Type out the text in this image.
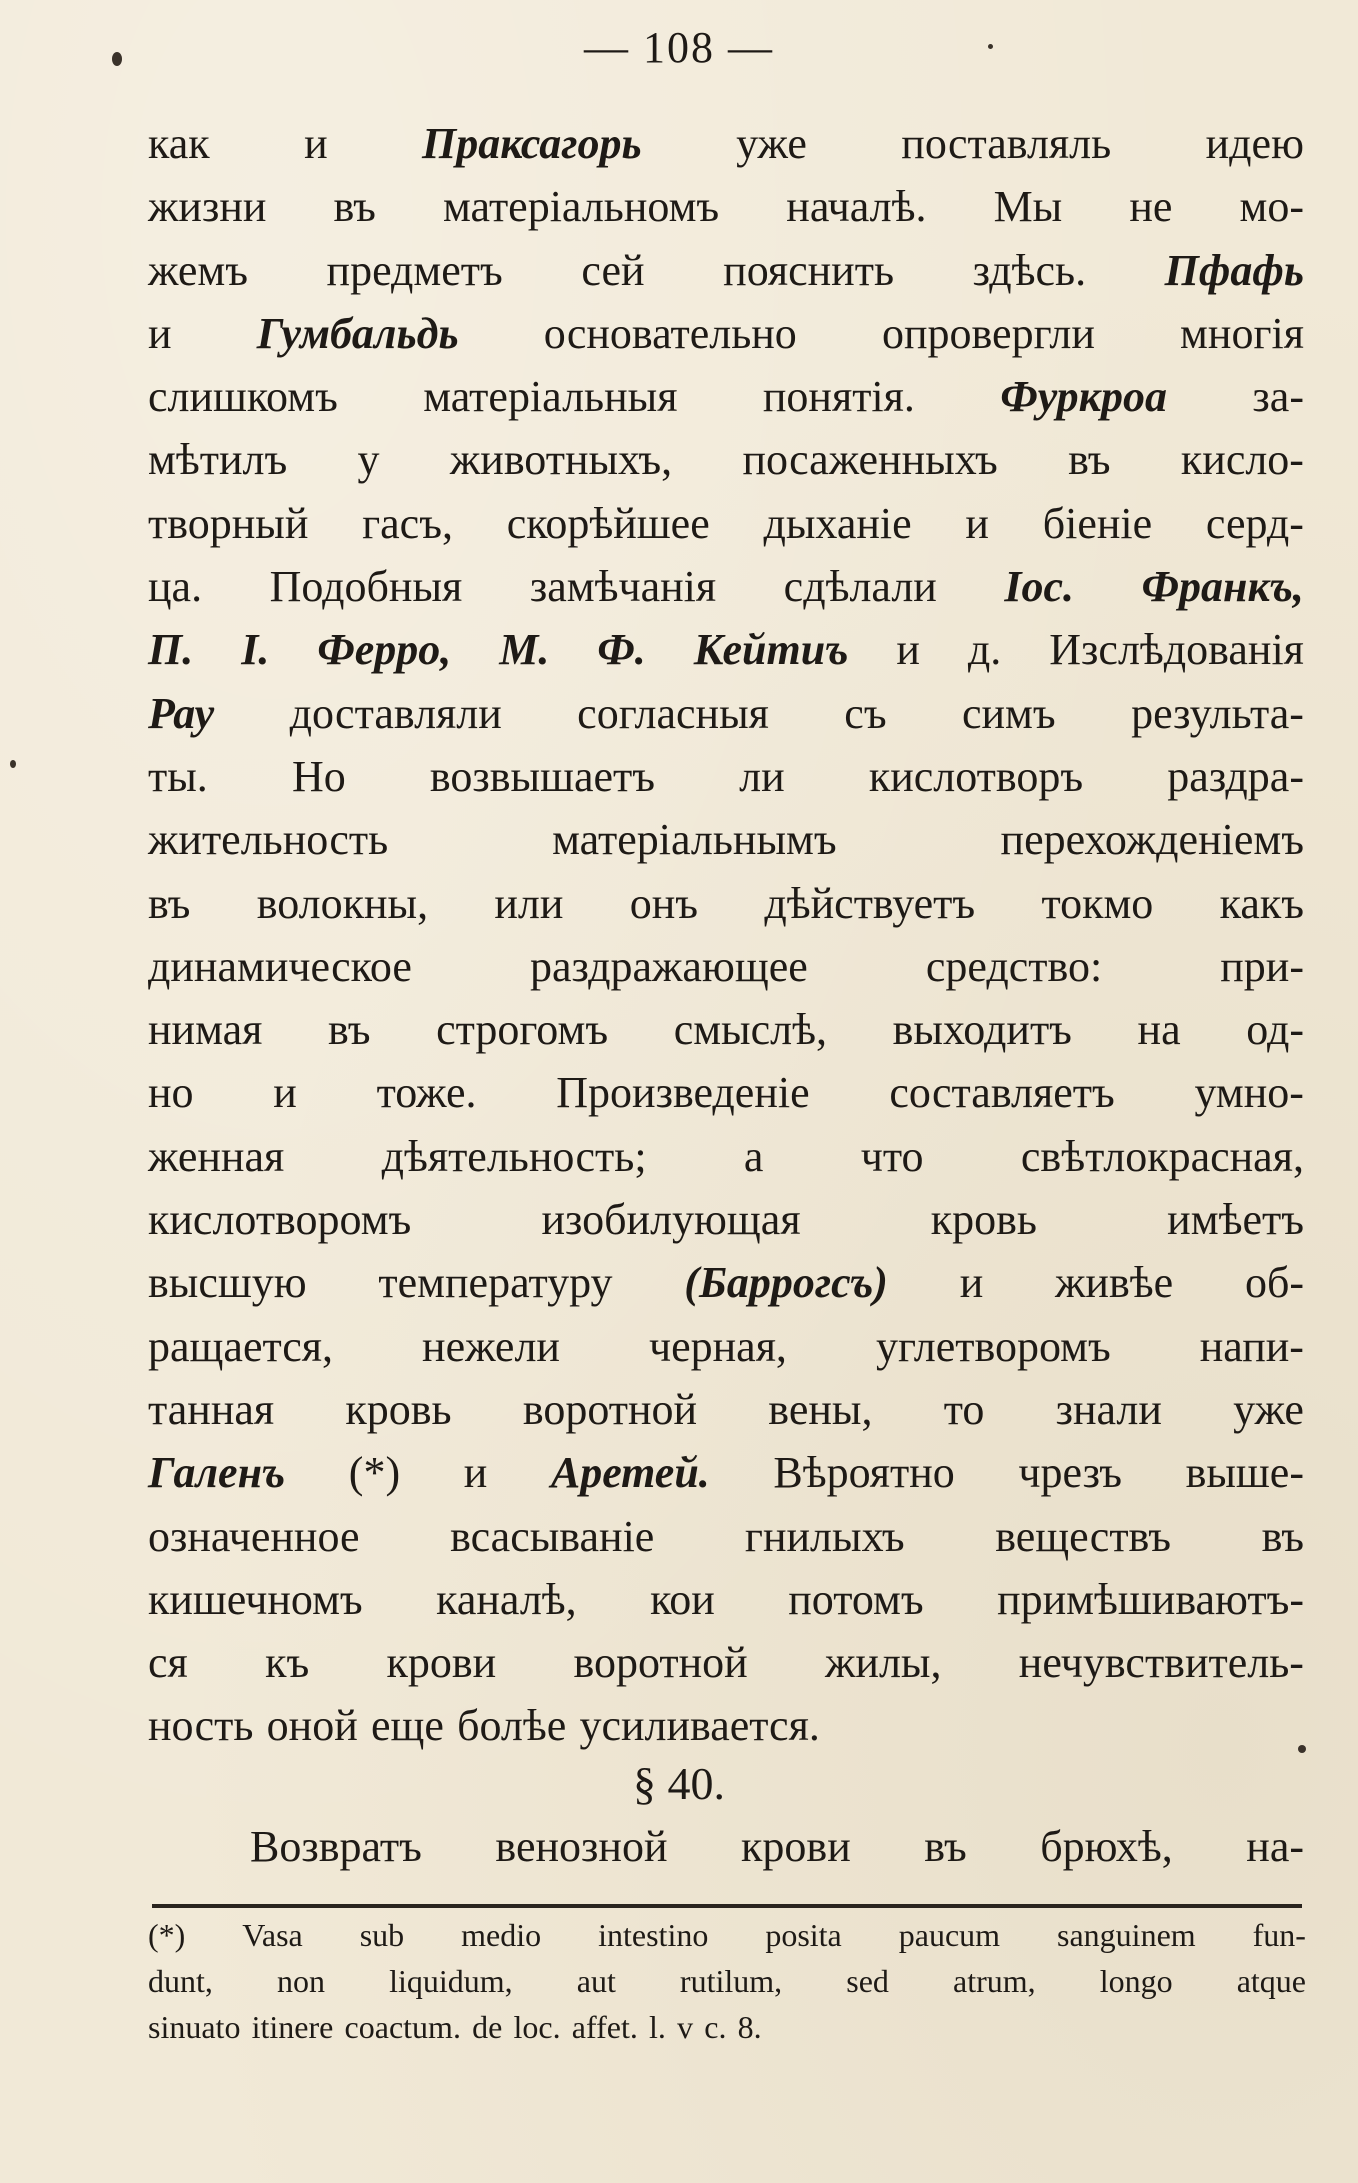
— 108 —
как и Праксагорь уже поставляль идею
жизни въ матеріальномъ началѣ. Мы не мо-
жемъ предметъ сей пояснить здѣсь. Пфафь
и Гумбальдь основательно опровергли многія
слишкомъ матеріальныя понятія. Фуркроа за-
мѣтилъ у животныхъ, посаженныхъ въ кисло-
творный гасъ, скорѣйшее дыханіе и біеніе серд-
ца. Подобныя замѣчанія сдѣлали Іос. Франкъ,
П. І. Ферро, М. Ф. Кейтиъ и д. Изслѣдованія
Рау доставляли согласныя съ симъ результа-
ты. Но возвышаетъ ли кислотворъ раздра-
жительность	матеріальнымъ	перехожденіемъ
въ волокны, или онъ дѣйствуетъ токмо какъ
динамическое	раздражающее	средство:	при-
нимая въ строгомъ смыслѣ, выходитъ на од-
но и тоже. Произведеніе составляетъ умно-
женная дѣятельность; а что свѣтлокрасная,
кислотворомъ	изобилующая	кровь	имѣетъ
высшую температуру (Баррогсъ) и живѣе об-
ращается, нежели черная, углетворомъ напи-
танная кровь воротной вены, то знали уже
Галенъ (*) и Аретей. Вѣроятно чрезъ выше-
означенное всасываніе гнилыхъ веществъ въ
кишечномъ каналѣ, кои потомъ примѣшиваютъ-
ся къ крови воротной жилы, нечувствитель-
ность оной еще болѣе усиливается.
§ 40.
Возвратъ венозной крови въ брюхѣ, на-
(*) Vasa sub medio intestino posita paucum sanguinem fun-
dunt, non liquidum, aut rutilum, sed atrum, longo atque
sinuato itinere coactum. de loc. affet. l. v c. 8.
